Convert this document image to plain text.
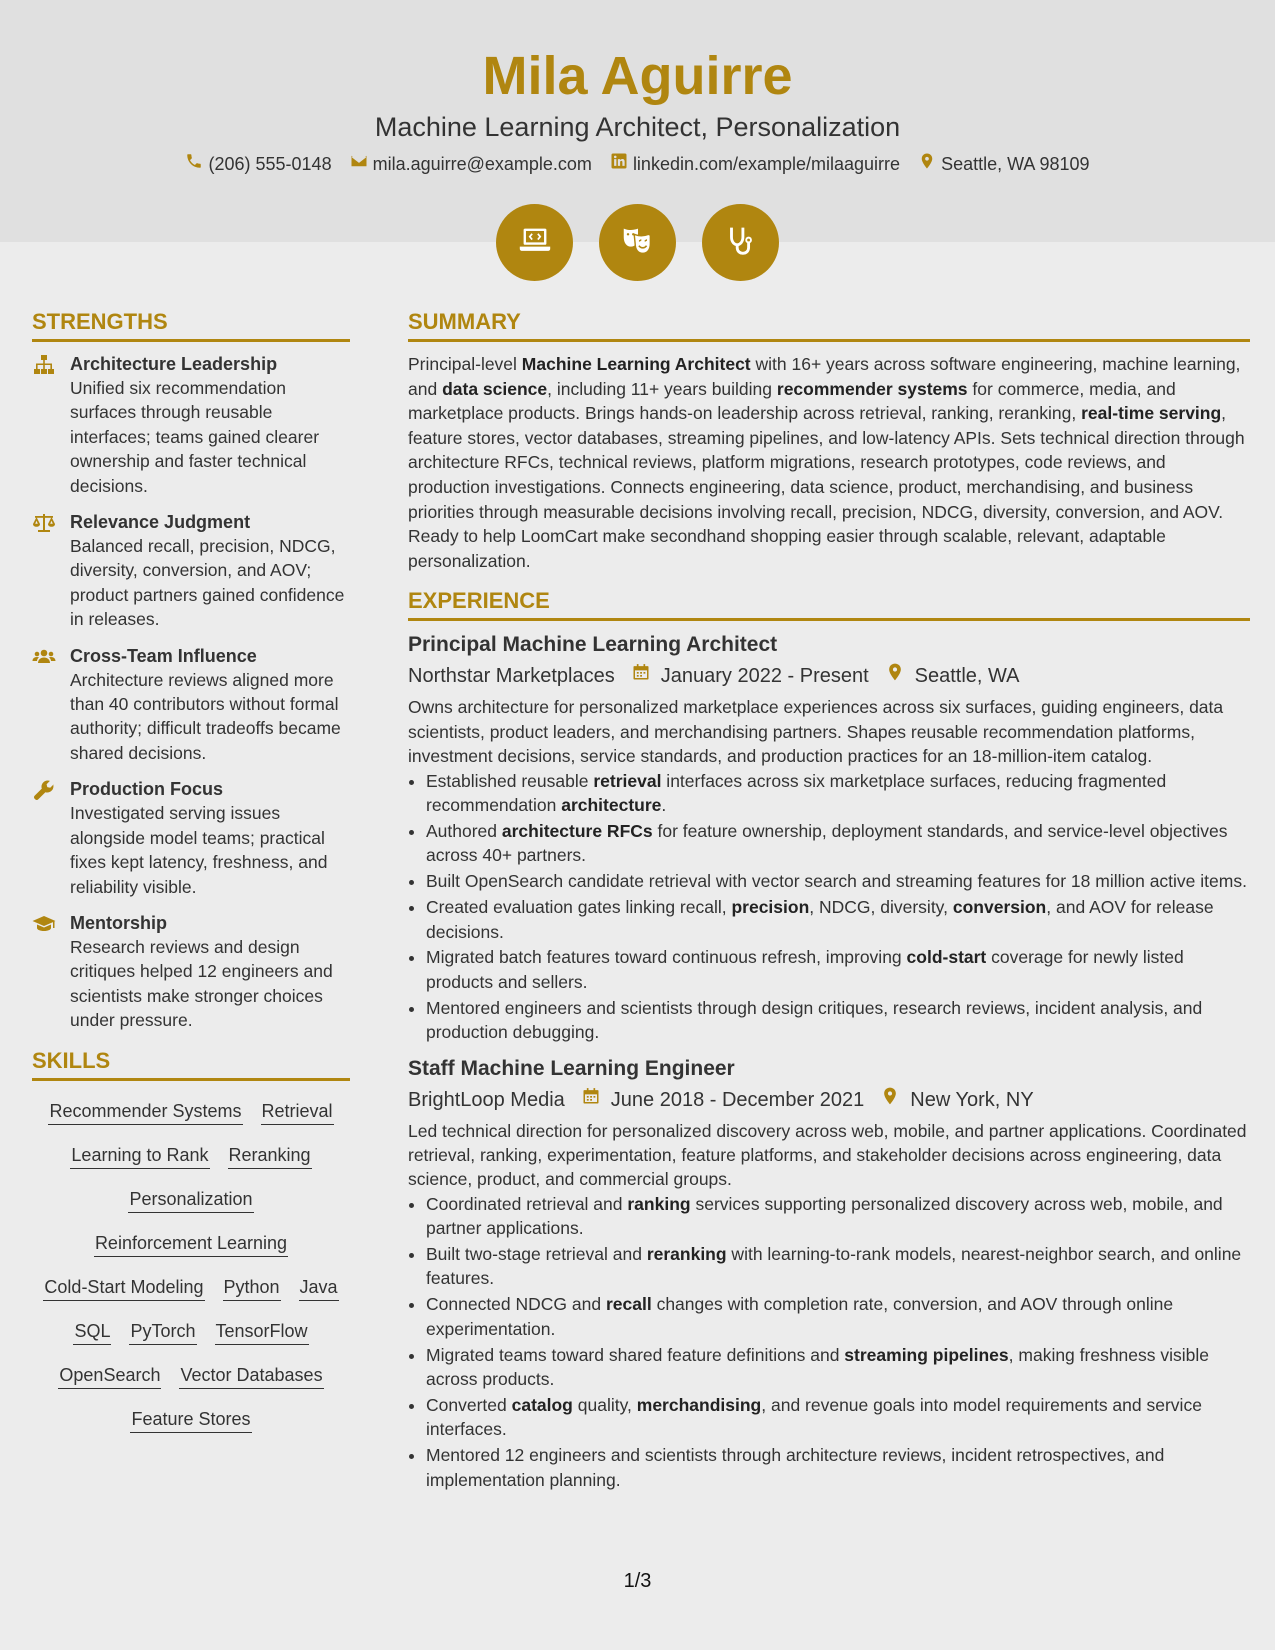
Mila Aguirre
Machine Learning Architect, Personalization
(206) 555-0148 mila.aguirre@example.com linkedin.com/example/milaaguirre Seattle, WA 98109
STRENGTHS
Architecture Leadership

Unified six recommendation surfaces through reusable interfaces; teams gained clearer ownership and faster technical decisions.

Relevance Judgment

Balanced recall, precision, NDCG, diversity, conversion, and AOV; product partners gained confidence in releases.

Cross-Team Influence

Architecture reviews aligned more than 40 contributors without formal authority; difficult tradeoffs became shared decisions.

Production Focus

Investigated serving issues alongside model teams; practical fixes kept latency, freshness, and reliability visible.

Mentorship

Research reviews and design critiques helped 12 engineers and scientists make stronger choices under pressure.

SKILLS
Recommender Systems Retrieval
Learning to Rank Reranking
Personalization
Reinforcement Learning
Cold-Start Modeling Python Java
SQL PyTorch TensorFlow
OpenSearch Vector Databases
Feature Stores
SUMMARY

Principal-level Machine Learning Architect with 16+ years across software engineering, machine learning, and data science, including 11+ years building recommender systems for commerce, media, and marketplace products. Brings hands-on leadership across retrieval, ranking, reranking, real-time serving, feature stores, vector databases, streaming pipelines, and low-latency APIs. Sets technical direction through architecture RFCs, technical reviews, platform migrations, research prototypes, code reviews, and production investigations. Connects engineering, data science, product, merchandising, and business priorities through measurable decisions involving recall, precision, NDCG, diversity, conversion, and AOV. Ready to help LoomCart make secondhand shopping easier through scalable, relevant, adaptable personalization.

EXPERIENCE
Principal Machine Learning Architect
Northstar Marketplaces January 2022 - Present Seattle, WA

Owns architecture for personalized marketplace experiences across six surfaces, guiding engineers, data scientists, product leaders, and merchandising partners. Shapes reusable recommendation platforms, investment decisions, service standards, and production practices for an 18-million-item catalog.

• Established reusable retrieval interfaces across six marketplace surfaces, reducing fragmented recommendation architecture.
• Authored architecture RFCs for feature ownership, deployment standards, and service-level objectives across 40+ partners.
• Built OpenSearch candidate retrieval with vector search and streaming features for 18 million active items.
• Created evaluation gates linking recall, precision, NDCG, diversity, conversion, and AOV for release decisions.
• Migrated batch features toward continuous refresh, improving cold-start coverage for newly listed products and sellers.
• Mentored engineers and scientists through design critiques, research reviews, incident analysis, and production debugging.
Staff Machine Learning Engineer
BrightLoop Media June 2018 - December 2021 New York, NY

Led technical direction for personalized discovery across web, mobile, and partner applications. Coordinated retrieval, ranking, experimentation, feature platforms, and stakeholder decisions across engineering, data science, product, and commercial groups.

• Coordinated retrieval and ranking services supporting personalized discovery across web, mobile, and partner applications.
• Built two-stage retrieval and reranking with learning-to-rank models, nearest-neighbor search, and online features.
• Connected NDCG and recall changes with completion rate, conversion, and AOV through online experimentation.
• Migrated teams toward shared feature definitions and streaming pipelines, making freshness visible across products.
• Converted catalog quality, merchandising, and revenue goals into model requirements and service interfaces.
• Mentored 12 engineers and scientists through architecture reviews, incident retrospectives, and implementation planning.
1/3
